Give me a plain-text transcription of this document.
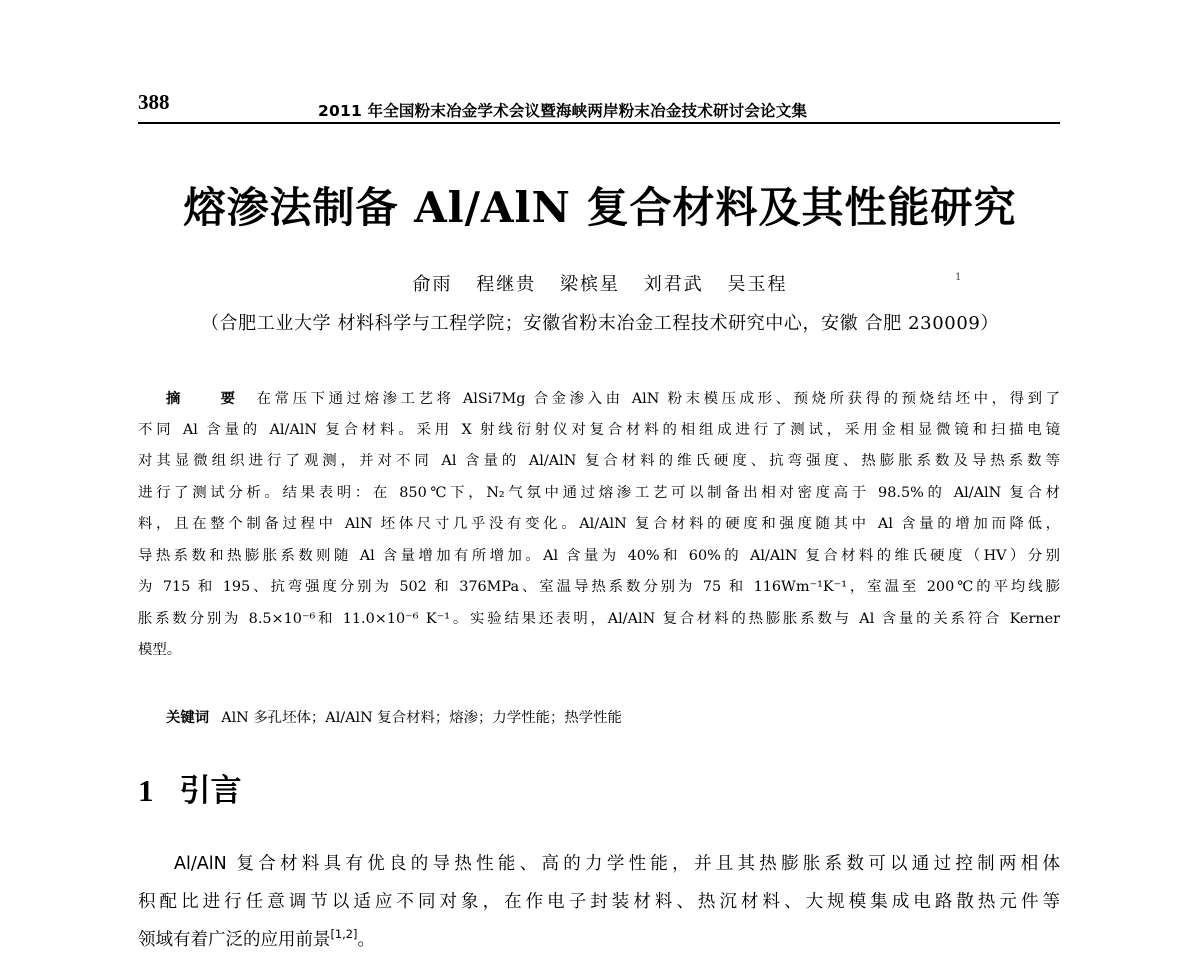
388	2011 年全国粉末冶金学术会议暨海峡两岸粉末冶金技术研讨会论文集
熔渗法制备 Al/AlN 复合材料及其性能研究
俞雨 程继贵 梁槟星 刘君武 吴玉程	1
（合肥工业大学 材料科学与工程学院；安徽省粉末冶金工程技术研究中心，安徽 合肥 230009）
摘 要 在常压下通过熔渗工艺将 AlSi7Mg 合金渗入由 AlN 粉末模压成形、预烧所获得的预烧结坯中，得到了
不同 Al 含量的 Al/AlN 复合材料。采用 X 射线衍射仪对复合材料的相组成进行了测试，采用金相显微镜和扫描电镜
对其显微组织进行了观测，并对不同 Al 含量的 Al/AlN 复合材料的维氏硬度、抗弯强度、热膨胀系数及导热系数等
进行了测试分析。结果表明：在 850℃下，N₂气氛中通过熔渗工艺可以制备出相对密度高于 98.5%的 Al/AlN 复合材
料，且在整个制备过程中 AlN 坯体尺寸几乎没有变化。Al/AlN 复合材料的硬度和强度随其中 Al 含量的增加而降低，
导热系数和热膨胀系数则随 Al 含量增加有所增加。Al 含量为 40%和 60%的 Al/AlN 复合材料的维氏硬度（HV）分别
为 715 和 195、抗弯强度分别为 502 和 376MPa、室温导热系数分别为 75 和 116Wm⁻¹K⁻¹，室温至 200℃的平均线膨
胀系数分别为 8.5×10⁻⁶和 11.0×10⁻⁶ K⁻¹。实验结果还表明，Al/AlN 复合材料的热膨胀系数与 Al 含量的关系符合 Kerner
模型。
关键词 AlN 多孔坯体；Al/AlN 复合材料；熔渗；力学性能；热学性能
1 引言
Al/AlN 复合材料具有优良的导热性能、高的力学性能，并且其热膨胀系数可以通过控制两相体
积配比进行任意调节以适应不同对象，在作电子封装材料、热沉材料、大规模集成电路散热元件等
领域有着广泛的应用前景[1,2]。
